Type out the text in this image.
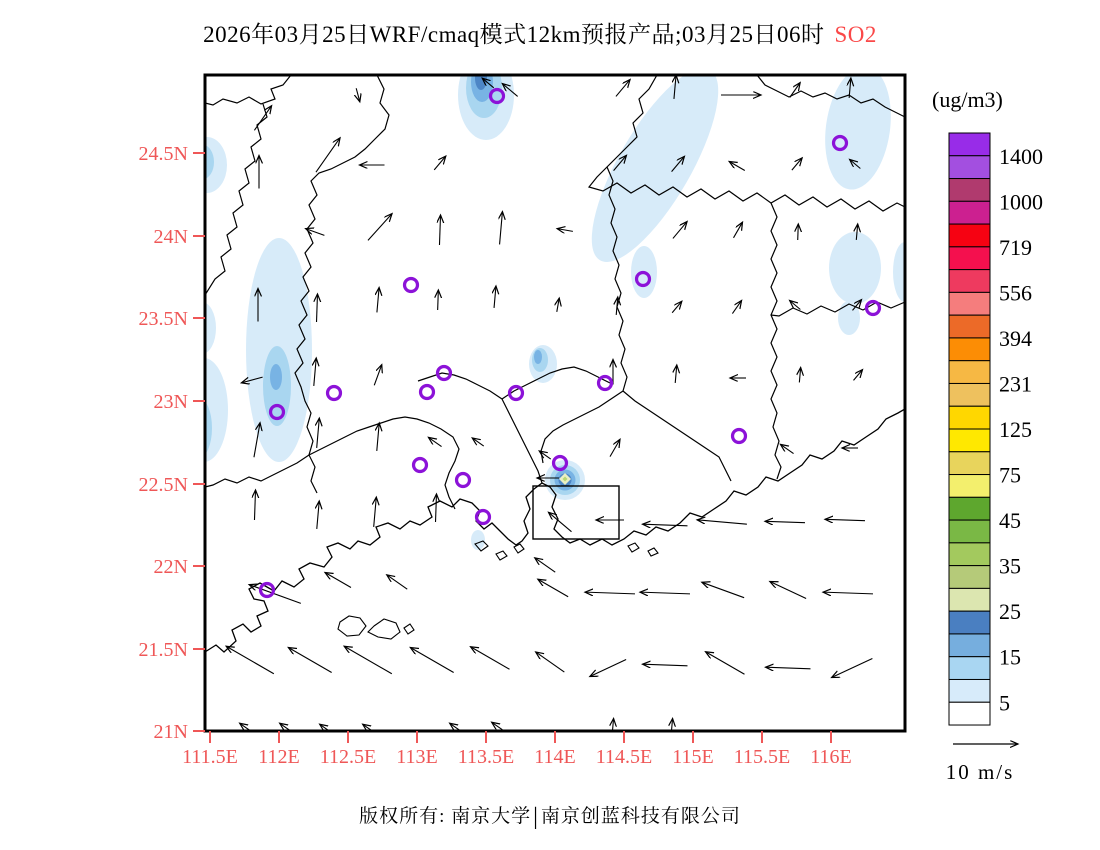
2026年03月25日WRF/cmaq模式12km预报产品;03月25日06时 SO2
111.5E 112E 112.5E 113E 113.5E 114E 114.5E 115E 115.5E 116E
24.5N
24N
23.5N
23N
22.5N
22N
21.5N
21N
(ug/m3)
1400
1000
719
556
394
231
125
75
45
35
25
15
5
10 m/s
版权所有: 南京大学| 南京创蓝科技有限公司
